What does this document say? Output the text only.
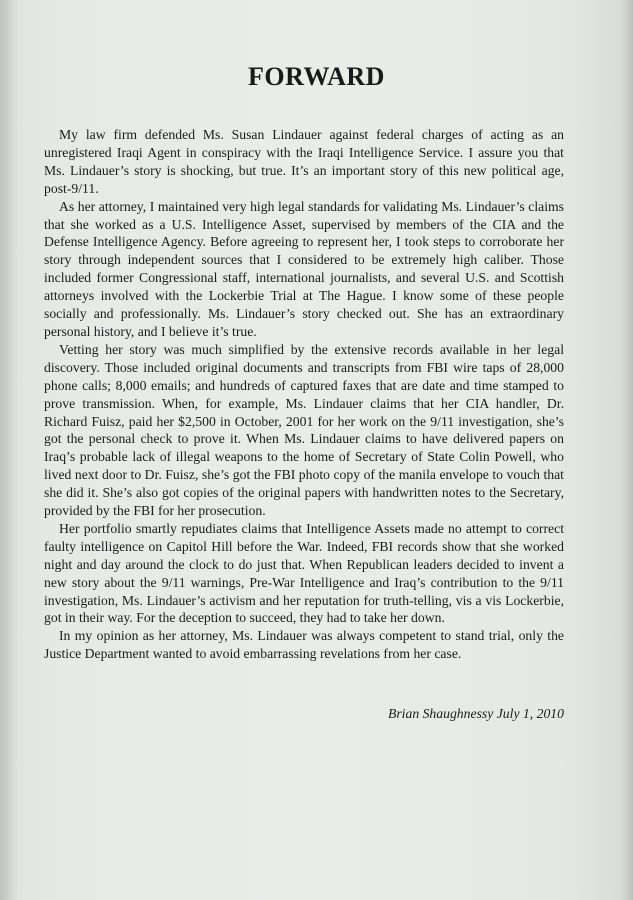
FORWARD

My law firm defended Ms. Susan Lindauer against federal charges of acting as an unregistered Iraqi Agent in conspiracy with the Iraqi Intelligence Service. I assure you that Ms. Lindauer’s story is shocking, but true. It’s an important story of this new political age, post-9/11.

As her attorney, I maintained very high legal standards for validating Ms. Lindauer’s claims that she worked as a U.S. Intelligence Asset, supervised by members of the CIA and the Defense Intelligence Agency. Before agreeing to represent her, I took steps to corroborate her story through independent sources that I considered to be extremely high caliber. Those included former Congressional staff, international journalists, and several U.S. and Scottish attorneys involved with the Lockerbie Trial at The Hague. I know some of these people socially and professionally. Ms. Lindauer’s story checked out. She has an extraordinary personal history, and I believe it’s true.

Vetting her story was much simplified by the extensive records available in her legal discovery. Those included original documents and transcripts from FBI wire taps of 28,000 phone calls; 8,000 emails; and hundreds of captured faxes that are date and time stamped to prove transmission. When, for example, Ms. Lindauer claims that her CIA handler, Dr. Richard Fuisz, paid her $2,500 in October, 2001 for her work on the 9/11 investigation, she’s got the personal check to prove it. When Ms. Lindauer claims to have delivered papers on Iraq’s probable lack of illegal weapons to the home of Secretary of State Colin Powell, who lived next door to Dr. Fuisz, she’s got the FBI photo copy of the manila envelope to vouch that she did it. She’s also got copies of the original papers with handwritten notes to the Secretary, provided by the FBI for her prosecution.

Her portfolio smartly repudiates claims that Intelligence Assets made no attempt to correct faulty intelligence on Capitol Hill before the War. Indeed, FBI records show that she worked night and day around the clock to do just that. When Republican leaders decided to invent a new story about the 9/11 warnings, Pre-War Intelligence and Iraq’s contribution to the 9/11 investigation, Ms. Lindauer’s activism and her reputation for truth-telling, vis a vis Lockerbie, got in their way. For the deception to succeed, they had to take her down.

In my opinion as her attorney, Ms. Lindauer was always competent to stand trial, only the Justice Department wanted to avoid embarrassing revelations from her case.

Brian Shaughnessy July 1, 2010
